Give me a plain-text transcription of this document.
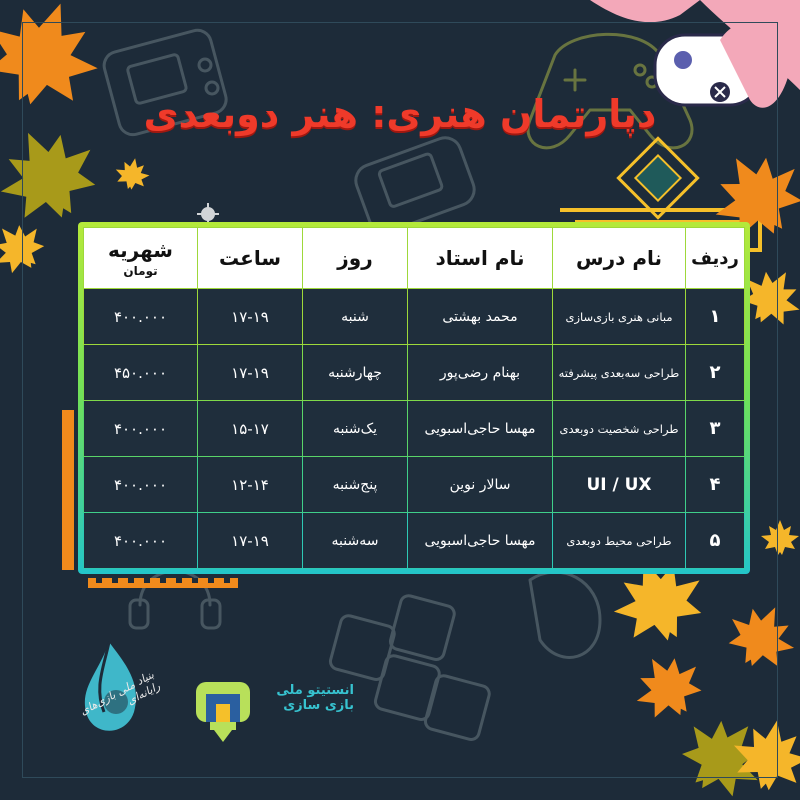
دپارتمان هنری: هنر دوبعدی
ردیف	نام درس	نام استاد	روز	ساعت	شهریه
تومان

۱	مبانی هنری بازی‌سازی	محمد بهشتی	شنبه	۱۷-۱۹	۴۰۰.۰۰۰
۲	طراحی سه‌بعدی پیشرفته	بهنام رضی‌پور	چهارشنبه	۱۷-۱۹	۴۵۰.۰۰۰
۳	طراحی شخصیت دوبعدی	مهسا حاجی‌اسبویی	یک‌شنبه	۱۵-۱۷	۴۰۰.۰۰۰
۴	UI / UX	سالار نوین	پنج‌شنبه	۱۲-۱۴	۴۰۰.۰۰۰
۵	طراحی محیط دوبعدی	مهسا حاجی‌اسبویی	سه‌شنبه	۱۷-۱۹	۴۰۰.۰۰۰
بنیاد ملی بازی‌های رایانه‌ای	انستیتو ملی
بازی سازی
